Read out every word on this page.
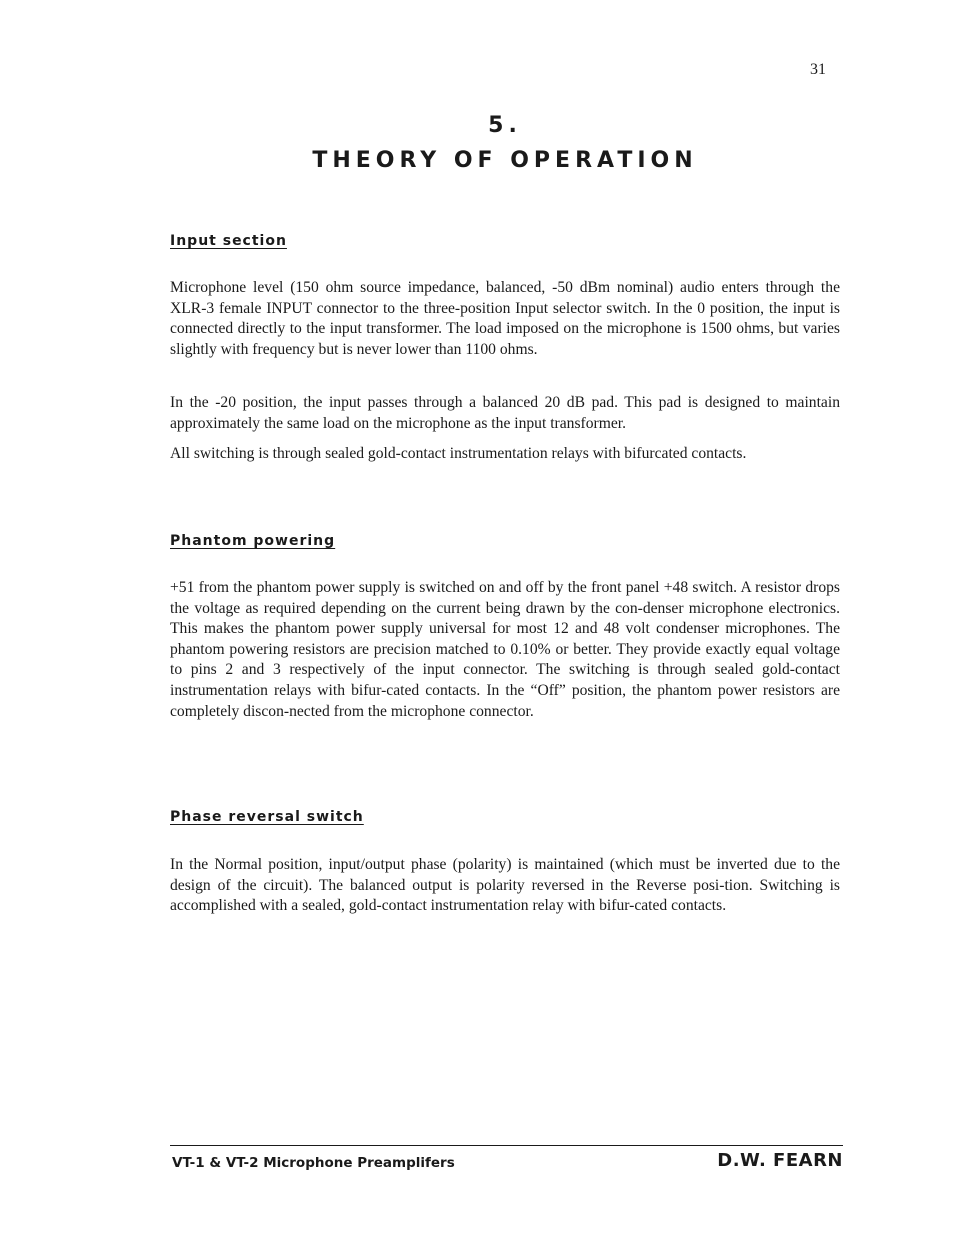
31
5.
THEORY OF OPERATION
Input section

Microphone level (150 ohm source impedance, balanced, -50 dBm nominal) audio enters through the XLR-3 female INPUT connector to the three-position Input selector switch. In the 0 position, the input is connected directly to the input transformer. The load imposed on the microphone is 1500 ohms, but varies slightly with frequency but is never lower than 1100 ohms.

In the -20 position, the input passes through a balanced 20 dB pad. This pad is designed to maintain approximately the same load on the microphone as the input transformer.

All switching is through sealed gold-contact instrumentation relays with bifurcated contacts.

Phantom powering

+51 from the phantom power supply is switched on and off by the front panel +48 switch. A resistor drops the voltage as required depending on the current being drawn by the con-denser microphone electronics. This makes the phantom power supply universal for most 12 and 48 volt condenser microphones. The phantom powering resistors are precision matched to 0.10% or better. They provide exactly equal voltage to pins 2 and 3 respectively of the input connector. The switching is through sealed gold-contact instrumentation relays with bifur-cated contacts. In the “Off” position, the phantom power resistors are completely discon-nected from the microphone connector.

Phase reversal switch

In the Normal position, input/output phase (polarity) is maintained (which must be inverted due to the design of the circuit). The balanced output is polarity reversed in the Reverse posi-tion. Switching is accomplished with a sealed, gold-contact instrumentation relay with bifur-cated contacts.

VT-1 & VT-2 Microphone Preamplifers	D.W. FEARN
